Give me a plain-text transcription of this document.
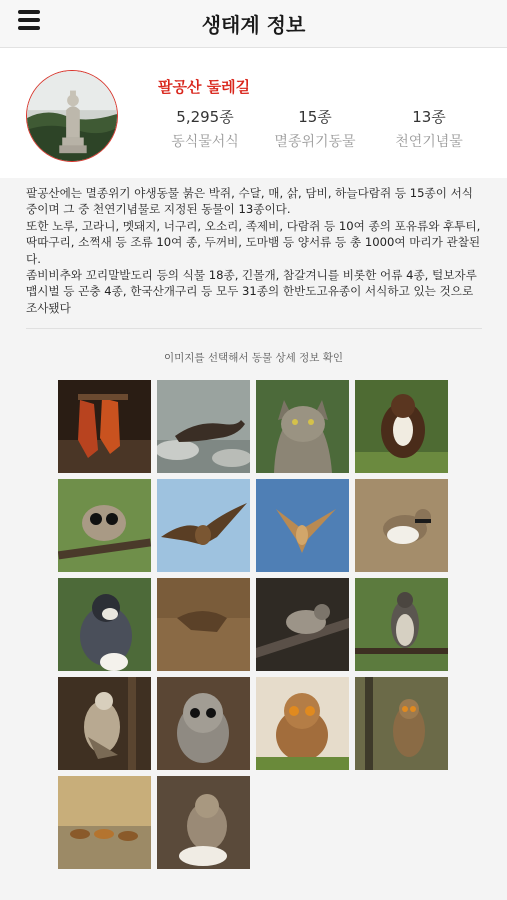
생태계 정보
팔공산 둘레길
5,295종
동식물서식
15종
멸종위기동물
13종
천연기념물

팔공산에는 멸종위기 야생동물 붉은 박쥐, 수달, 매, 삵, 담비, 하늘다람쥐 등 15종이 서식 중이며 그 중 천연기념물로 지정된 동물이 13종이다.

또한 노루, 고라니, 멧돼지, 너구리, 오소리, 족제비, 다람쥐 등 10여 종의 포유류와 후투티, 딱따구리, 소쩍새 등 조류 10여 종, 두꺼비, 도마뱀 등 양서류 등 총 1000여 마리가 관찰된다.

좀비비추와 꼬리말발도리 등의 식물 18종, 긴몰개, 참갈겨니를 비롯한 어류 4종, 털보자루맵시벌 등 곤충 4종, 한국산개구리 등 모두 31종의 한반도고유종이 서식하고 있는 것으로 조사됐다

이미지를 선택해서 동물 상세 정보 확인
